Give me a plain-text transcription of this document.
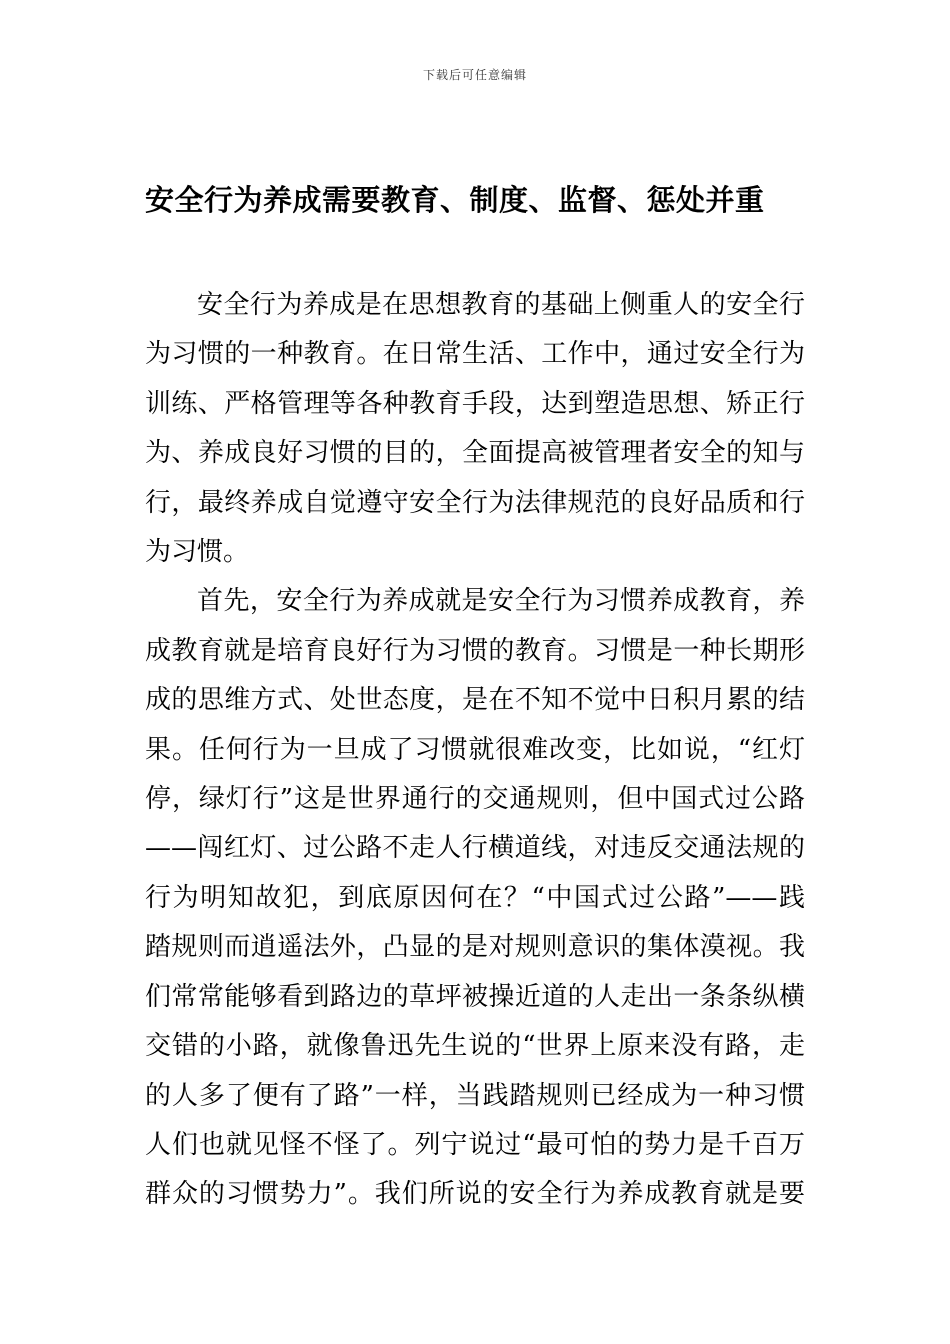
下载后可任意编辑
安全行为养成需要教育、制度、监督、惩处并重
安全行为养成是在思想教育的基础上侧重人的安全行
为习惯的一种教育。在日常生活、工作中，通过安全行为
训练、严格管理等各种教育手段，达到塑造思想、矫正行
为、养成良好习惯的目的，全面提高被管理者安全的知与
行，最终养成自觉遵守安全行为法律规范的良好品质和行
为习惯。
首先，安全行为养成就是安全行为习惯养成教育，养
成教育就是培育良好行为习惯的教育。习惯是一种长期形
成的思维方式、处世态度，是在不知不觉中日积月累的结
果。任何行为一旦成了习惯就很难改变，比如说，“红灯
停，绿灯行”这是世界通行的交通规则，但中国式过公路
——闯红灯、过公路不走人行横道线，对违反交通法规的
行为明知故犯，到底原因何在？“中国式过公路”——践
踏规则而逍遥法外，凸显的是对规则意识的集体漠视。我
们常常能够看到路边的草坪被操近道的人走出一条条纵横
交错的小路，就像鲁迅先生说的“世界上原来没有路，走
的人多了便有了路”一样，当践踏规则已经成为一种习惯
人们也就见怪不怪了。列宁说过“最可怕的势力是千百万
群众的习惯势力”。我们所说的安全行为养成教育就是要
